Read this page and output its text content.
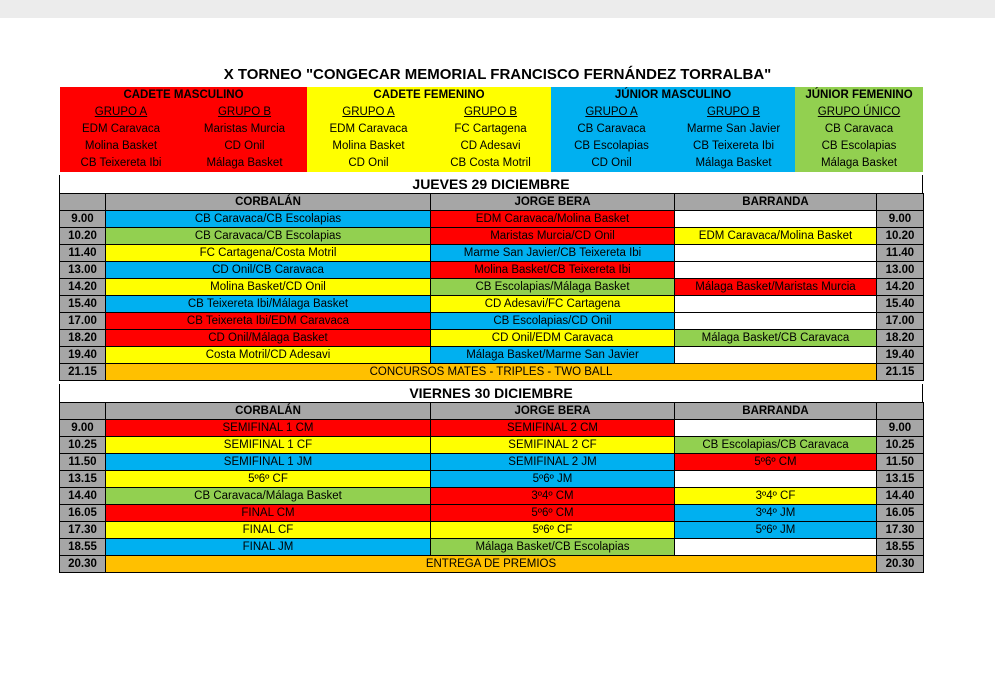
X TORNEO "CONGECAR MEMORIAL FRANCISCO FERNÁNDEZ TORRALBA"
CADETE MASCULINO		CADETE FEMENINO		JÚNIOR MASCULINO		JÚNIOR FEMENINO
GRUPO A	GRUPO B	GRUPO A	GRUPO B	GRUPO A	GRUPO B	GRUPO ÚNICO
EDM Caravaca	Maristas Murcia	EDM Caravaca	FC Cartagena	CB Caravaca	Marme San Javier	CB Caravaca
Molina Basket	CD Onil	Molina Basket	CD Adesavi	CB Escolapias	CB Teixereta Ibi	CB Escolapias
CB Teixereta Ibi	Málaga Basket	CD Onil	CB Costa Motril	CD Onil	Málaga Basket	Málaga Basket
JUEVES 29 DICIEMBRE
	CORBALÁN	JORGE BERA	BARRANDA	
9.00	CB Caravaca/CB Escolapias	EDM Caravaca/Molina Basket		9.00
10.20	CB Caravaca/CB Escolapias	Maristas Murcia/CD Onil	EDM Caravaca/Molina Basket	10.20
11.40	FC Cartagena/Costa Motril	Marme San Javier/CB Teixereta Ibi		11.40
13.00	CD Onil/CB Caravaca	Molina Basket/CB Teixereta Ibi		13.00
14.20	Molina Basket/CD Onil	CB Escolapias/Málaga Basket	Málaga Basket/Maristas Murcia	14.20
15.40	CB Teixereta Ibi/Málaga Basket	CD Adesavi/FC Cartagena		15.40
17.00	CB Teixereta Ibi/EDM Caravaca	CB Escolapias/CD Onil		17.00
18.20	CD Onil/Málaga Basket	CD Onil/EDM Caravaca	Málaga Basket/CB Caravaca	18.20
19.40	Costa Motril/CD Adesavi	Málaga Basket/Marme San Javier		19.40
21.15	CONCURSOS MATES - TRIPLES - TWO BALL			21.15
VIERNES 30 DICIEMBRE
	CORBALÁN	JORGE BERA	BARRANDA	
9.00	SEMIFINAL 1 CM	SEMIFINAL 2 CM		9.00
10.25	SEMIFINAL 1 CF	SEMIFINAL 2 CF	CB Escolapias/CB Caravaca	10.25
11.50	SEMIFINAL 1 JM	SEMIFINAL 2 JM	5º6º CM	11.50
13.15	5º6º CF	5º6º JM		13.15
14.40	CB Caravaca/Málaga Basket	3º4º CM	3º4º CF	14.40
16.05	FINAL CM	5º6º CM	3º4º JM	16.05
17.30	FINAL CF	5º6º CF	5º6º JM	17.30
18.55	FINAL JM	Málaga Basket/CB Escolapias		18.55
20.30	ENTREGA DE PREMIOS			20.30
